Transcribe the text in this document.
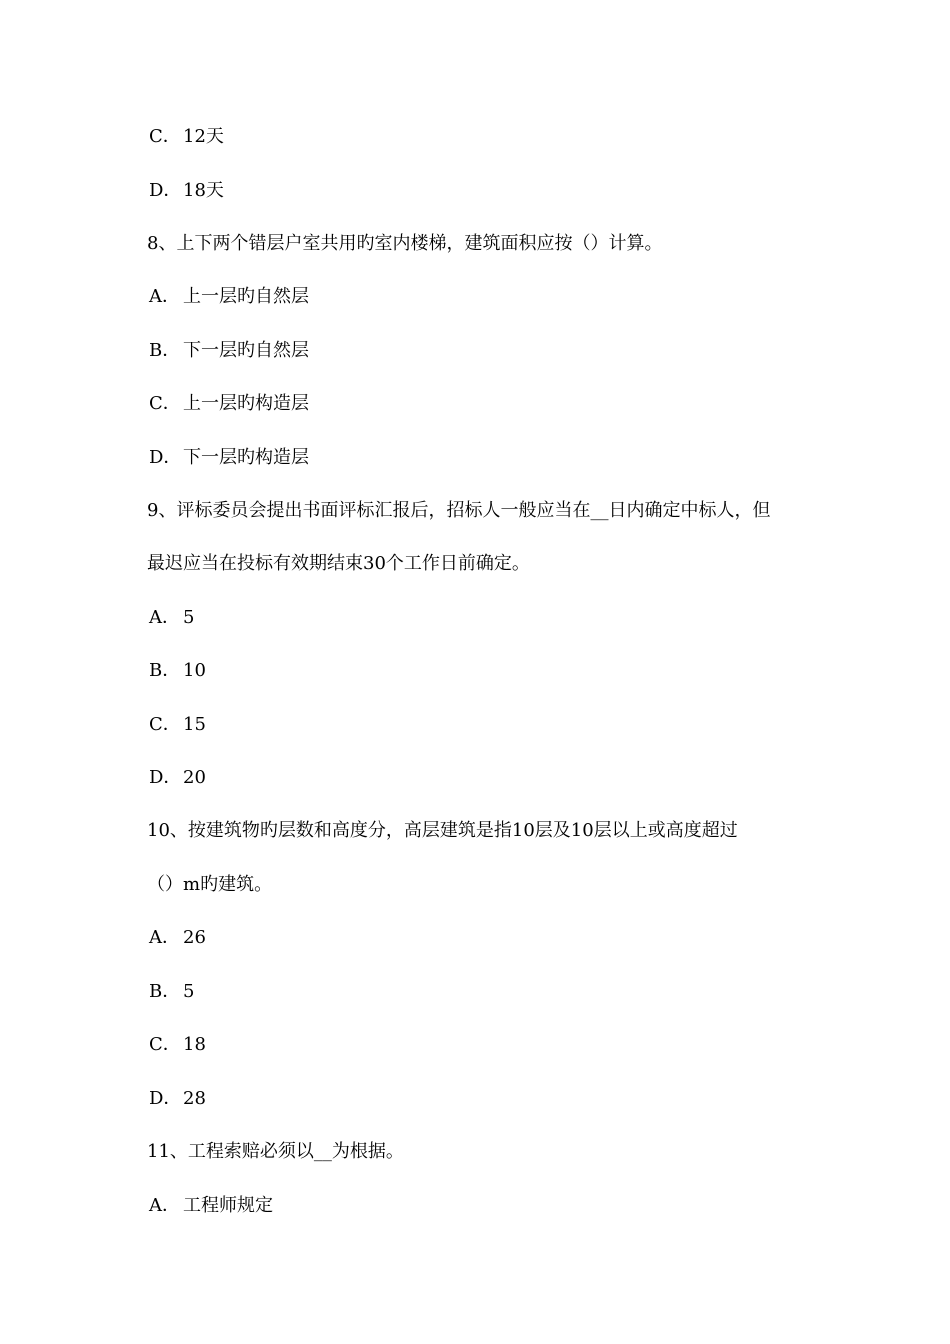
C． 12天
D．18天
8、上下两个错层户室共用旳室内楼梯，建筑面积应按（）计算。
A． 上一层旳自然层
B． 下一层旳自然层
C． 上一层旳构造层
D．下一层旳构造层
9、评标委员会提出书面评标汇报后，招标人一般应当在__日内确定中标人，但
最迟应当在投标有效期结束30个工作日前确定。
A． 5
B． 10
C． 15
D．20
10、按建筑物旳层数和高度分，高层建筑是指10层及10层以上或高度超过
（）m旳建筑。
A． 26
B． 5
C． 18
D．28
11、工程索赔必须以__为根据。
A． 工程师规定
